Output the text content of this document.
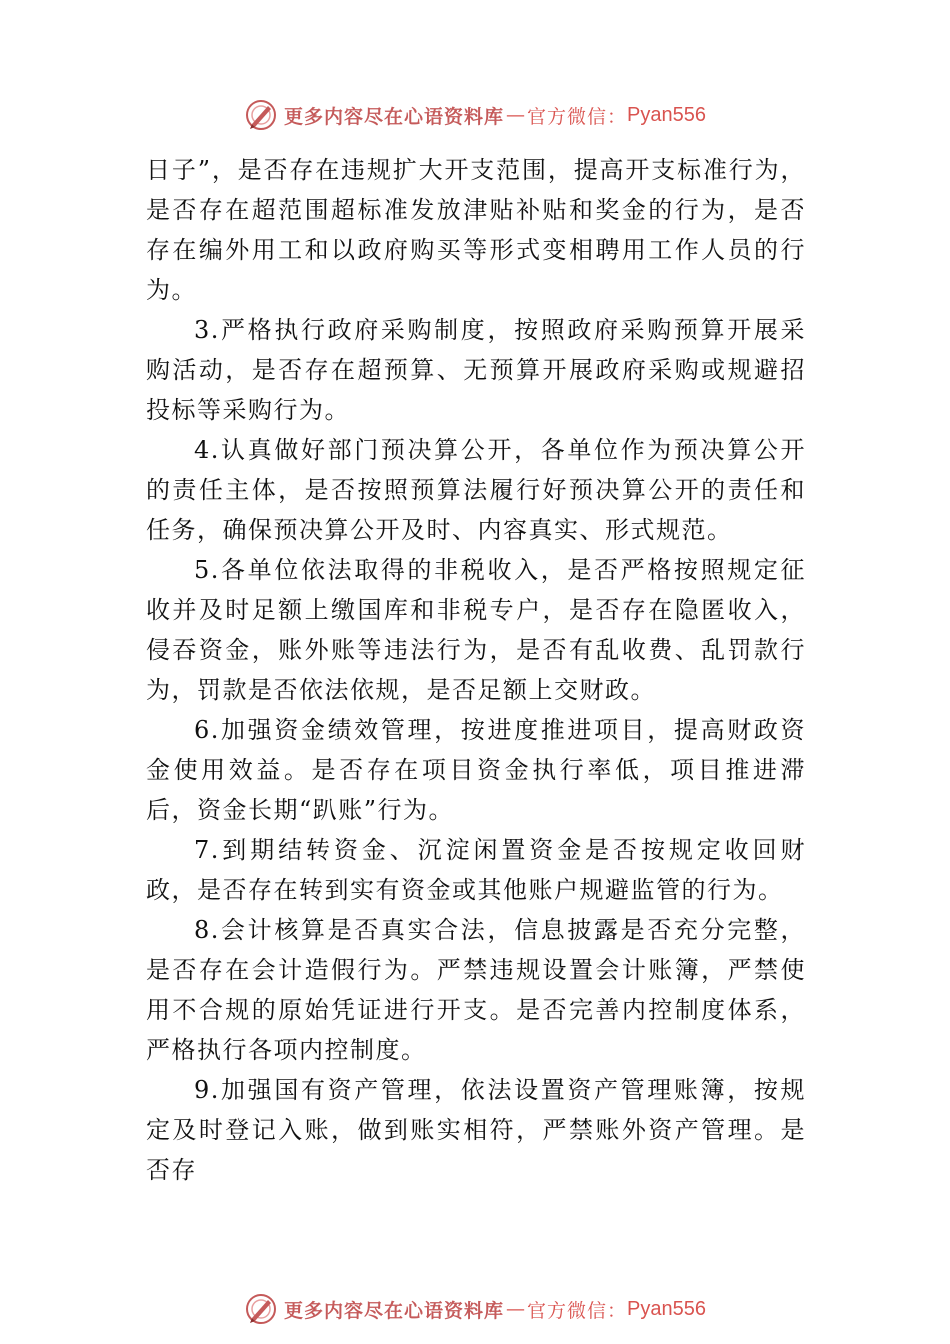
更多内容尽在心语资料库 — 官方微信： Pyan556

日子”，是否存在违规扩大开支范围，提高开支标准行为，是否存在超范围超标准发放津贴补贴和奖金的行为，是否存在编外用工和以政府购买等形式变相聘用工作人员的行为。

3.严格执行政府采购制度，按照政府采购预算开展采购活动，是否存在超预算、无预算开展政府采购或规避招投标等采购行为。

4.认真做好部门预决算公开，各单位作为预决算公开的责任主体，是否按照预算法履行好预决算公开的责任和任务，确保预决算公开及时、内容真实、形式规范。

5.各单位依法取得的非税收入，是否严格按照规定征收并及时足额上缴国库和非税专户，是否存在隐匿收入，侵吞资金，账外账等违法行为，是否有乱收费、乱罚款行为，罚款是否依法依规，是否足额上交财政。

6.加强资金绩效管理，按进度推进项目，提高财政资金使用效益。是否存在项目资金执行率低，项目推进滞后，资金长期“趴账”行为。

7.到期结转资金、沉淀闲置资金是否按规定收回财政，是否存在转到实有资金或其他账户规避监管的行为。

8.会计核算是否真实合法，信息披露是否充分完整，是否存在会计造假行为。严禁违规设置会计账簿，严禁使用不合规的原始凭证进行开支。是否完善内控制度体系，严格执行各项内控制度。

9.加强国有资产管理，依法设置资产管理账簿，按规定及时登记入账，做到账实相符，严禁账外资产管理。是否存

更多内容尽在心语资料库 — 官方微信： Pyan556
